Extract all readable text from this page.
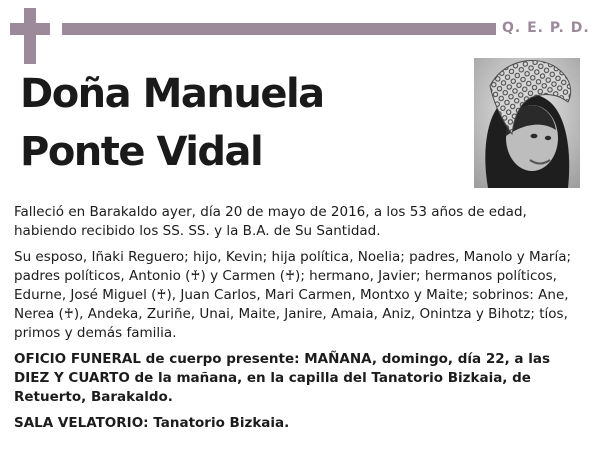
Q. E. P. D.
Doña Manuela
Ponte Vidal

Falleció en Barakaldo ayer, día 20 de mayo de 2016, a los 53 años de edad, habiendo recibido los SS. SS. y la B.A. de Su Santidad.

Su esposo, Iñaki Reguero; hijo, Kevin; hija política, Noelia; padres, Manolo y María; padres políticos, Antonio (♰) y Carmen (♰); hermano, Javier; hermanos políticos, Edurne, José Miguel (♰), Juan Carlos, Mari Carmen, Montxo y Maite; sobrinos: Ane, Nerea (♰), Andeka, Zuriñe, Unai, Maite, Janire, Amaia, Aniz, Onintza y Bihotz; tíos, primos y demás familia.

OFICIO FUNERAL de cuerpo presente: MAÑANA, domingo, día 22, a las DIEZ Y CUARTO de la mañana, en la capilla del Tanatorio Bizkaia, de Retuerto, Barakaldo.

SALA VELATORIO: Tanatorio Bizkaia.
